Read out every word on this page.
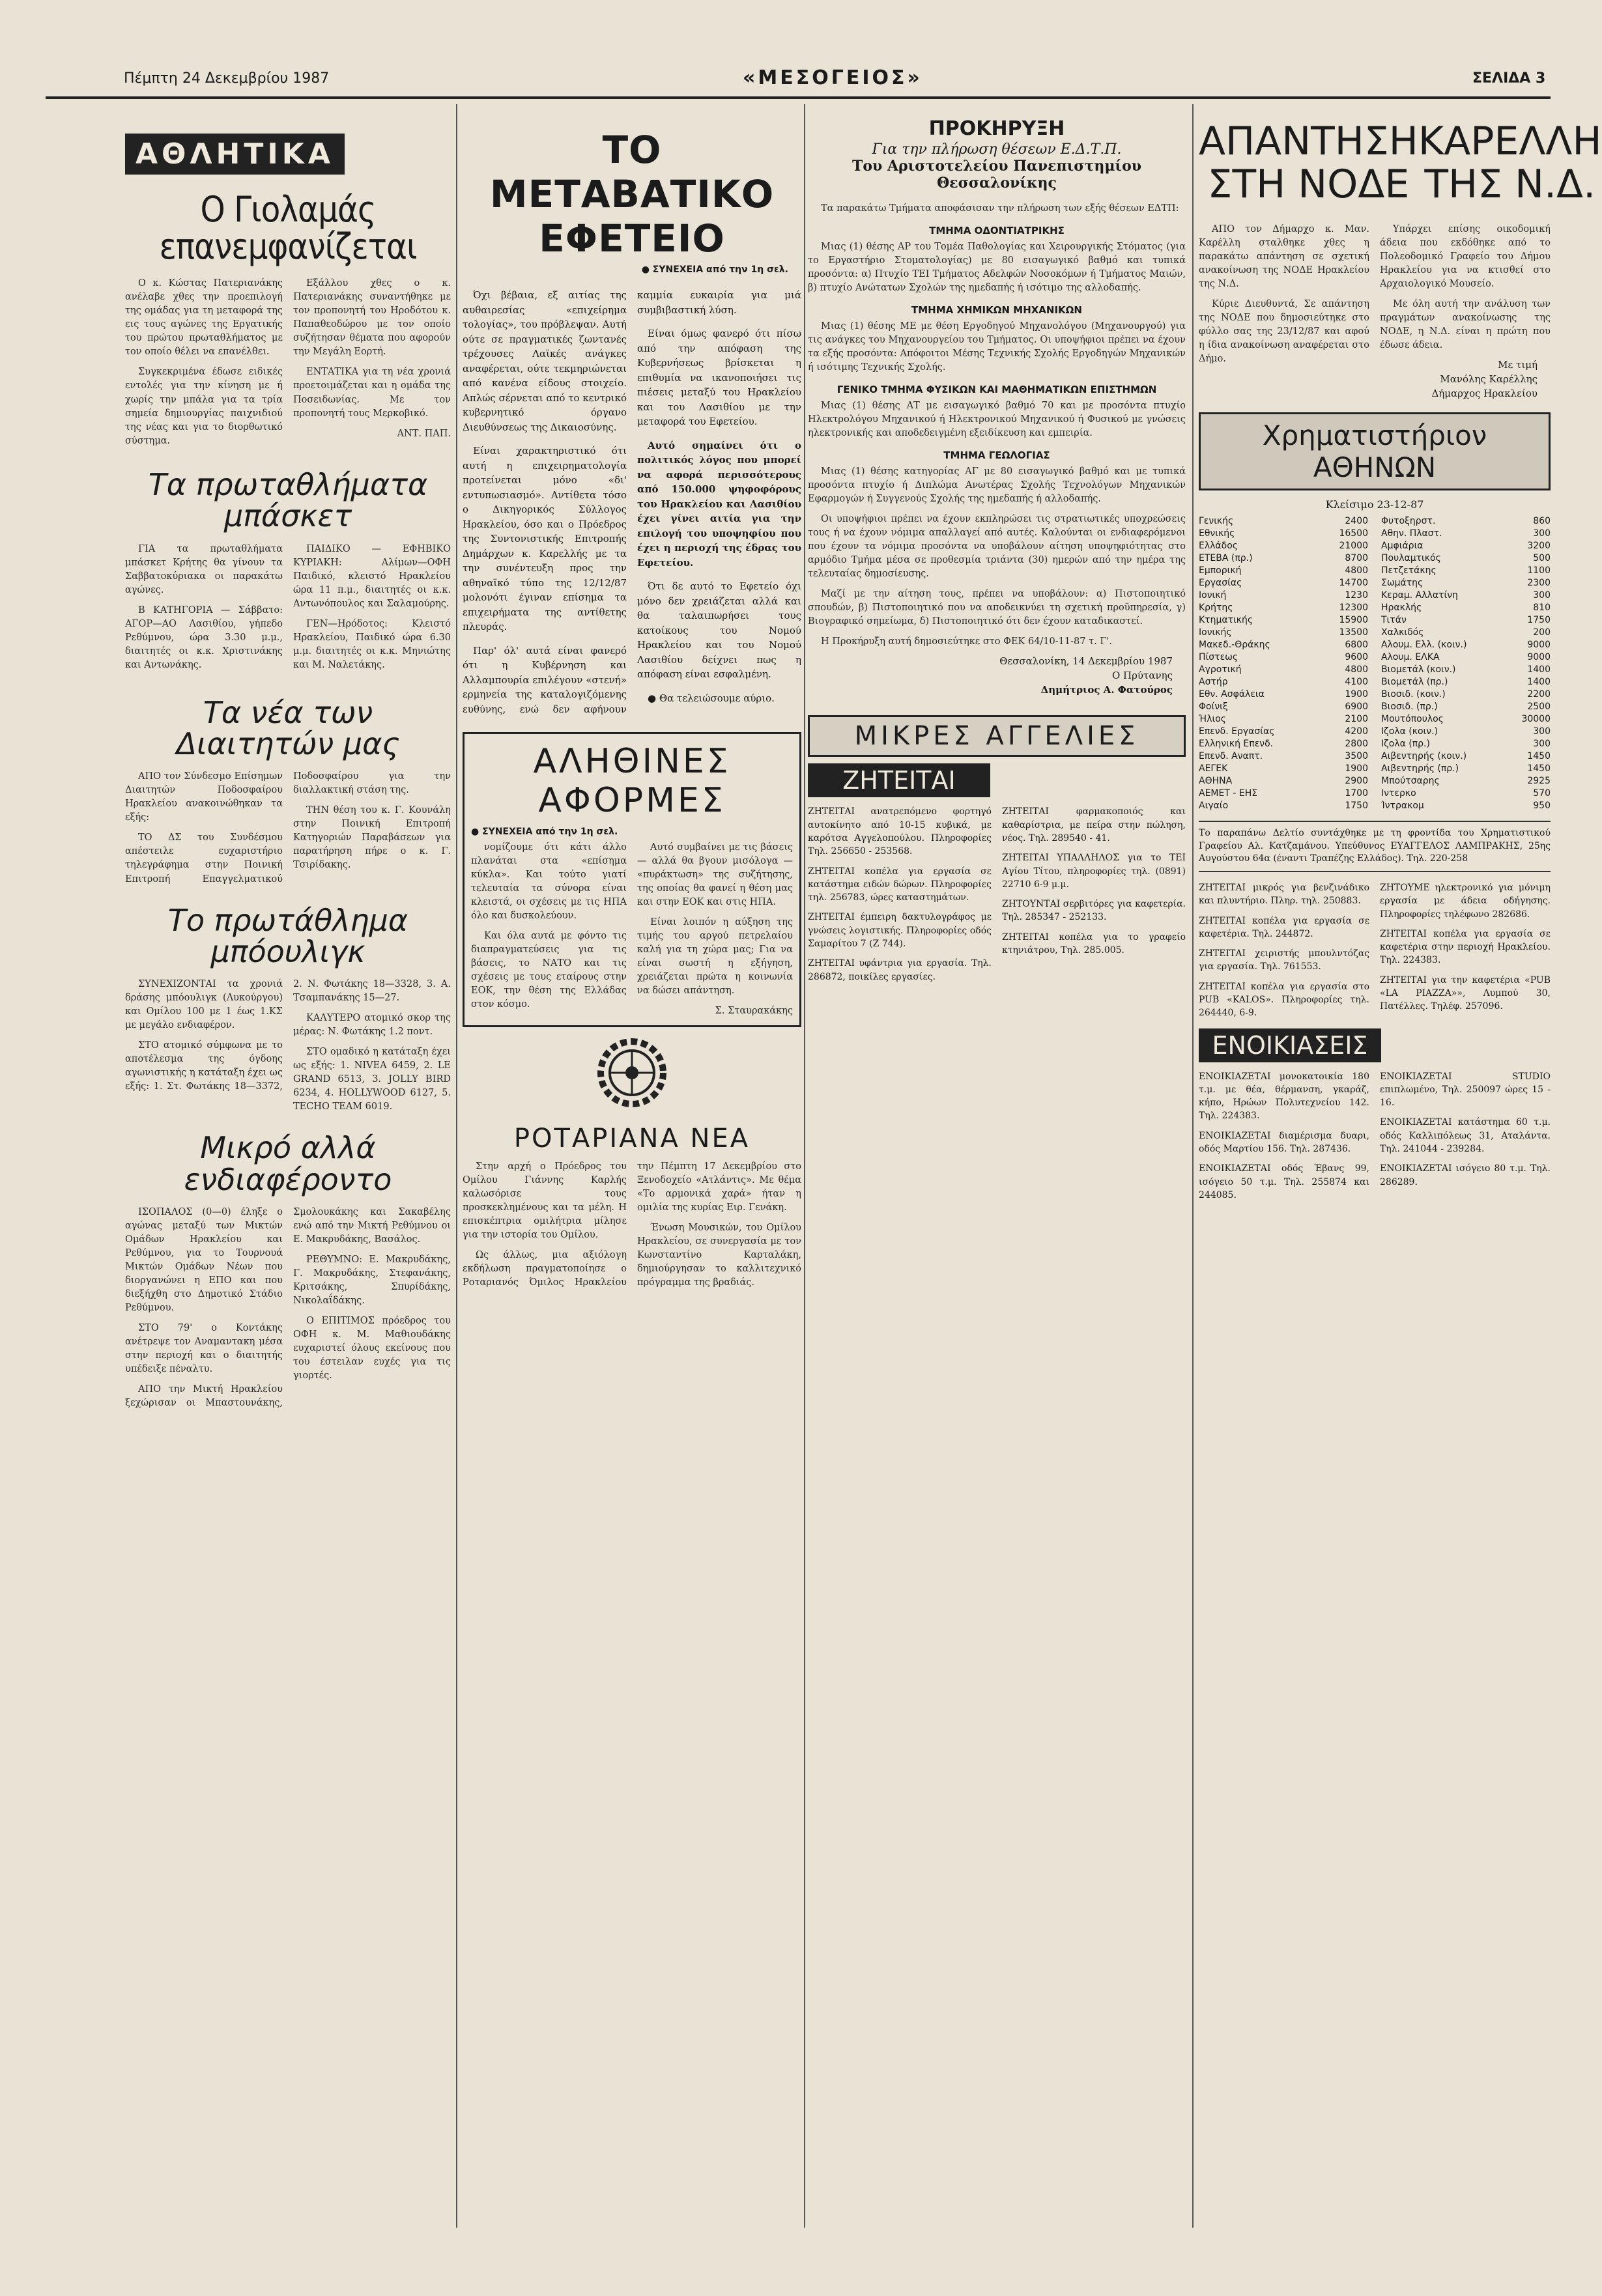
Πέμπτη 24 Δεκεμβρίου 1987	«ΜΕΣΟΓΕΙΟΣ»	ΣΕΛΙΔΑ 3
ΑΘΛΗΤΙΚΑ
Ο Γιολαμάς επανεμφανίζεται

Ο κ. Κώστας Πατεριανάκης ανέλαβε χθες την προεπιλογή της ομάδας για τη μεταφορά της εις τους αγώνες της Εργατικής του πρώτου πρωταθλήματος με τον οποίο θέλει να επανέλθει.

Συγκεκριμένα έδωσε ειδικές εντολές για την κίνηση με ή χωρίς την μπάλα για τα τρία σημεία δημιουργίας παιχνιδιού της νέας και για το διορθωτικό σύστημα.

Εξάλλου χθες ο κ. Πατεριανάκης συναντήθηκε με τον προπονητή του Ηροδότου κ. Παπαθεοδώρου με τον οποίο συζήτησαν θέματα που αφορούν την Μεγάλη Εορτή.

ΕΝΤΑΤΙΚΑ για τη νέα χρονιά προετοιμάζεται και η ομάδα της Ποσειδωνίας. Με τον προπονητή τους Μερκοβικό.

ΑΝΤ. ΠΑΠ.

Τα πρωταθλήματα μπάσκετ

ΓΙΑ τα πρωταθλήματα μπάσκετ Κρήτης θα γίνουν τα Σαββατοκύριακα οι παρακάτω αγώνες.

Β ΚΑΤΗΓΟΡΙΑ — Σάββατο: ΑΓΟΡ—ΑΟ Λασιθίου, γήπεδο Ρεθύμνου, ώρα 3.30 μ.μ., διαιτητές οι κ.κ. Χριστινάκης και Αντωνάκης.

ΠΑΙΔΙΚΟ — ΕΦΗΒΙΚΟ ΚΥΡΙΑΚΗ: Αλίμων—ΟΦΗ Παιδικό, κλειστό Ηρακλείου ώρα 11 π.μ., διαιτητές οι κ.κ. Αντωνόπουλος και Σαλαμούρης.

ΓΕΝ—Ηρόδοτος: Κλειστό Ηρακλείου, Παιδικό ώρα 6.30 μ.μ. διαιτητές οι κ.κ. Μηνιώτης και Μ. Ναλετάκης.

Τα νέα των Διαιτητών μας

ΑΠΟ τον Σύνδεσμο Επίσημων Διαιτητών Ποδοσφαίρου Ηρακλείου ανακοινώθηκαν τα εξής:

ΤΟ ΔΣ του Συνδέσμου απέστειλε ευχαριστήριο τηλεγράφημα στην Ποινική Επιτροπή Επαγγελματικού Ποδοσφαίρου για την διαλλακτική στάση της.

ΤΗΝ θέση του κ. Γ. Κουνάλη στην Ποινική Επιτροπή Κατηγοριών Παραβάσεων για παρατήρηση πήρε ο κ. Γ. Τσιρίδακης.

Το πρωτάθλημα μπόουλιγκ

ΣΥΝΕΧΙΖΟΝΤΑΙ τα χρονιά δράσης μπόουλιγκ (Λυκούργου) και Ομίλου 100 με 1 έως 1.ΚΣ με μεγάλο ενδιαφέρον.

ΣΤΟ ατομικό σύμφωνα με το αποτέλεσμα της όγδοης αγωνιστικής η κατάταξη έχει ως εξής: 1. Στ. Φωτάκης 18—3372, 2. Ν. Φωτάκης 18—3328, 3. Α. Τσαμπανάκης 15—27.

ΚΑΛΥΤΕΡΟ ατομικό σκορ της μέρας: Ν. Φωτάκης 1.2 ποντ.

ΣΤΟ ομαδικό η κατάταξη έχει ως εξής: 1. NIVEA 6459, 2. LE GRAND 6513, 3. JOLLY BIRD 6234, 4. HOLLYWOOD 6127, 5. TECHO TEAM 6019.

Μικρό αλλά ενδιαφέροντο

ΙΣΟΠΑΛΟΣ (0—0) έληξε ο αγώνας μεταξύ των Μικτών Ομάδων Ηρακλείου και Ρεθύμνου, για το Τουρνουά Μικτών Ομάδων Νέων που διοργανώνει η ΕΠΟ και που διεξήχθη στο Δημοτικό Στάδιο Ρεθύμνου.

ΣΤΟ 79' ο Κοντάκης ανέτρεψε τον Αναμαντακη μέσα στην περιοχή και ο διαιτητής υπέδειξε πέναλτυ.

ΑΠΟ την Μικτή Ηρακλείου ξεχώρισαν οι Μπαστουνάκης, Σμολουκάκης και Σακαβέλης ενώ από την Μικτή Ρεθύμνου οι Ε. Μακρυδάκης, Βασάλος.

ΡΕΘΥΜΝΟ: Ε. Μακρυδάκης, Γ. Μακρυδάκης, Στεφανάκης, Κριτσάκης, Σπυρίδάκης, Νικολαΐδάκης.

Ο ΕΠΙΤΙΜΟΣ πρόεδρος του ΟΦΗ κ. Μ. Μαθιουδάκης ευχαριστεί όλους εκείνους που του έστειλαν ευχές για τις γιορτές.

ΤΟ ΜΕΤΑΒΑΤΙΚΟ ΕΦΕΤΕΙΟ
● ΣΥΝΕΧΕΙΑ από την 1η σελ.

Όχι βέβαια, εξ αιτίας της αυθαιρεσίας «επιχείρημα τολογίας», του πρόβλεψαν. Αυτή ούτε σε πραγματικές ζωντανές τρέχουσες Λαϊκές ανάγκες αναφέρεται, ούτε τεκμηριώνεται από κανένα είδους στοιχείο. Απλώς σέρνεται από το κεντρικό κυβερνητικό όργανο Διευθύνσεως της Δικαιοσύνης.

Είναι χαρακτηριστικό ότι αυτή η επιχειρηματολογία προτείνεται μόνο «δι' εντυπωσιασμό». Αντίθετα τόσο ο Δικηγορικός Σύλλογος Ηρακλείου, όσο και ο Πρόεδρος της Συντονιστικής Επιτροπής Δημάρχων κ. Καρελλής με τα την συνέντευξη προς την αθηναϊκό τύπο της 12/12/87 μολονότι έγιναν επίσημα τα επιχειρήματα της αντίθετης πλευράς.

Παρ' όλ' αυτά είναι φανερό ότι η Κυβέρνηση και Αλλαμπουρία επιλέγουν «στενή» ερμηνεία της καταλογιζόμενης ευθύνης, ενώ δεν αφήνουν καμμία ευκαιρία για μιά συμβιβαστική λύση.

Είναι όμως φανερό ότι πίσω από την απόφαση της Κυβερνήσεως βρίσκεται η επιθυμία να ικανοποιήσει τις πιέσεις μεταξύ του Ηρακλείου και του Λασιθίου με την μεταφορά του Εφετείου.

Αυτό σημαίνει ότι ο πολιτικός λόγος που μπορεί να αφορά περισσότερους από 150.000 ψηφοφόρους του Ηρακλείου και Λασιθίου έχει γίνει αιτία για την επιλογή του υποψηφίου που έχει η περιοχή της έδρας του Εφετείου.

Ότι δε αυτό το Εφετείο όχι μόνο δεν χρειάζεται αλλά και θα ταλαιπωρήσει τους κατοίκους του Νομού Ηρακλείου και του Νομού Λασιθίου δείχνει πως η απόφαση είναι εσφαλμένη.

● Θα τελειώσουμε αύριο.

ΑΛΗΘΙΝΕΣ ΑΦΟΡΜΕΣ
● ΣΥΝΕΧΕΙΑ από την 1η σελ.

νομίζουμε ότι κάτι άλλο πλανάται στα «επίσημα κύκλα». Και τούτο γιατί τελευταία τα σύνορα είναι κλειστά, οι σχέσεις με τις ΗΠΑ όλο και δυσκολεύουν.

Και όλα αυτά με φόντο τις διαπραγματεύσεις για τις βάσεις, το ΝΑΤΟ και τις σχέσεις με τους εταίρους στην ΕΟΚ, την θέση της Ελλάδας στον κόσμο.

Αυτό συμβαίνει με τις βάσεις — αλλά θα βγουν μισόλογα — «πυράκτωση» της συζήτησης, της οποίας θα φανεί η θέση μας και στην ΕΟΚ και στις ΗΠΑ.

Είναι λοιπόν η αύξηση της τιμής του αργού πετρελαίου καλή για τη χώρα μας; Για να είναι σωστή η εξήγηση, χρειάζεται πρώτα η κοινωνία να δώσει απάντηση.

Σ. Σταυρακάκης

ΡΟΤΑΡΙΑΝΑ ΝΕΑ

Στην αρχή ο Πρόεδρος του Ομίλου Γιάννης Καρλής καλωσόρισε τους προσκεκλημένους και τα μέλη. Η επισκέπτρια ομιλήτρια μίλησε για την ιστορία του Ομίλου.

Ως άλλως, μια αξιόλογη εκδήλωση πραγματοποίησε ο Ροταριανός Όμιλος Ηρακλείου την Πέμπτη 17 Δεκεμβρίου στο Ξενοδοχείο «Ατλάντις». Με θέμα «Το αρμονικά χαρά» ήταν η ομιλία της κυρίας Ειρ. Γενάκη.

Ένωση Μουσικών, του Ομίλου Ηρακλείου, σε συνεργασία με τον Κωνσταντίνο Καρταλάκη, δημιούργησαν το καλλιτεχνικό πρόγραμμα της βραδιάς.

ΠΡΟΚΗΡΥΞΗ

Για την πλήρωση θέσεων Ε.Δ.Τ.Π.

Του Αριστοτελείου Πανεπιστημίου Θεσσαλονίκης

Τα παρακάτω Τμήματα αποφάσισαν την πλήρωση των εξής θέσεων ΕΔΤΠ:

ΤΜΗΜΑ ΟΔΟΝΤΙΑΤΡΙΚΗΣ

Μιας (1) θέσης ΑΡ του Τομέα Παθολογίας και Χειρουργικής Στόματος (για το Εργαστήριο Στοματολογίας) με 80 εισαγωγικό βαθμό και τυπικά προσόντα: α) Πτυχίο ΤΕΙ Τμήματος Αδελφών Νοσοκόμων ή Τμήματος Μαιών, β) πτυχίο Ανώτατων Σχολών της ημεδαπής ή ισότιμο της αλλοδαπής.

ΤΜΗΜΑ ΧΗΜΙΚΩΝ ΜΗΧΑΝΙΚΩΝ

Μιας (1) θέσης ΜΕ με θέση Εργοδηγού Μηχανολόγου (Μηχανουργού) για τις ανάγκες του Μηχανουργείου του Τμήματος. Οι υποψήφιοι πρέπει να έχουν τα εξής προσόντα: Απόφοιτοι Μέσης Τεχνικής Σχολής Εργοδηγών Μηχανικών ή ισότιμης Τεχνικής Σχολής.

ΓΕΝΙΚΟ ΤΜΗΜΑ ΦΥΣΙΚΩΝ ΚΑΙ ΜΑΘΗΜΑΤΙΚΩΝ ΕΠΙΣΤΗΜΩΝ

Μιας (1) θέσης ΑΤ με εισαγωγικό βαθμό 70 και με προσόντα πτυχίο Ηλεκτρολόγου Μηχανικού ή Ηλεκτρονικού Μηχανικού ή Φυσικού με γνώσεις ηλεκτρονικής και αποδεδειγμένη εξειδίκευση και εμπειρία.

ΤΜΗΜΑ ΓΕΩΛΟΓΙΑΣ

Μιας (1) θέσης κατηγορίας ΑΓ με 80 εισαγωγικό βαθμό και με τυπικά προσόντα πτυχίο ή Διπλώμα Ανωτέρας Σχολής Τεχνολόγων Μηχανικών Εφαρμογών ή Συγγενούς Σχολής της ημεδαπής ή αλλοδαπής.

Οι υποψήφιοι πρέπει να έχουν εκπληρώσει τις στρατιωτικές υποχρεώσεις τους ή να έχουν νόμιμα απαλλαγεί από αυτές. Καλούνται οι ενδιαφερόμενοι που έχουν τα νόμιμα προσόντα να υποβάλουν αίτηση υποψηφιότητας στο αρμόδιο Τμήμα μέσα σε προθεσμία τριάντα (30) ημερών από την ημέρα της τελευταίας δημοσίευσης.

Μαζί με την αίτηση τους, πρέπει να υποβάλουν: α) Πιστοποιητικό σπουδών, β) Πιστοποιητικό που να αποδεικνύει τη σχετική προϋπηρεσία, γ) Βιογραφικό σημείωμα, δ) Πιστοποιητικό ότι δεν έχουν καταδικαστεί.

Η Προκήρυξη αυτή δημοσιεύτηκε στο ΦΕΚ 64/10-11-87 τ. Γ'.

Θεσσαλονίκη, 14 Δεκεμβρίου 1987

Ο Πρύτανης

Δημήτριος Α. Φατούρος

ΜΙΚΡΕΣ ΑΓΓΕΛΙΕΣ
ΖΗΤΕΙΤΑΙ

ΖΗΤΕΙΤΑΙ ανατρεπόμενο φορτηγό αυτοκίνητο από 10-15 κυβικά, με καρότσα Αγγελοπούλου. Πληροφορίες Τηλ. 256650 - 253568.

ΖΗΤΕΙΤΑΙ κοπέλα για εργασία σε κατάστημα ειδών δώρων. Πληροφορίες τηλ. 256783, ώρες καταστημάτων.

ΖΗΤΕΙΤΑΙ έμπειρη δακτυλογράφος με γνώσεις λογιστικής. Πληροφορίες οδός Σαμαρίτου 7 (Ζ 744).

ΖΗΤΕΙΤΑΙ υφάντρια για εργασία. Τηλ. 286872, ποικίλες εργασίες.

ΖΗΤΕΙΤΑΙ φαρμακοποιός και καθαρίστρια, με πείρα στην πώληση, νέος. Τηλ. 289540 - 41.

ΖΗΤΕΙΤΑΙ ΥΠΑΛΛΗΛΟΣ για το ΤΕΙ Αγίου Τίτου, πληροφορίες τηλ. (0891) 22710 6-9 μ.μ.

ΖΗΤΟΥΝΤΑΙ σερβιτόρες για καφετερία. Τηλ. 285347 - 252133.

ΖΗΤΕΙΤΑΙ κοπέλα για το γραφείο κτηνιάτρου, Τηλ. 285.005.

ΑΠΑΝΤΗΣΗ
ΣΤΗ ΝΟΔΕ
ΚΑΡΕΛΛΗ
ΤΗΣ Ν.Δ.

ΑΠΟ τον Δήμαρχο κ. Μαν. Καρέλλη σταλθηκε χθες η παρακάτω απάντηση σε σχετική ανακοίνωση της ΝΟΔΕ Ηρακλείου της Ν.Δ.

Κύριε Διευθυντά, Σε απάντηση της ΝΟΔΕ που δημοσιεύτηκε στο φύλλο σας της 23/12/87 και αφού η ίδια ανακοίνωση αναφέρεται στο Δήμο.

Υπάρχει επίσης οικοδομική άδεια που εκδόθηκε από το Πολεοδομικό Γραφείο του Δήμου Ηρακλείου για να κτισθεί στο Αρχαιολογικό Μουσείο.

Με όλη αυτή την ανάλυση των πραγμάτων ανακοίνωσης της ΝΟΔΕ, η Ν.Δ. είναι η πρώτη που έδωσε άδεια.

Με τιμή

Μανόλης Καρέλλης

Δήμαρχος Ηρακλείου

Χρηματιστήριον ΑΘΗΝΩΝ
Κλείσιμο 23-12-87
Γενικής	2400
Εθνικής	16500
Ελλάδος	21000
ΕΤΕΒΑ (πρ.)	8700
Εμπορική	4800
Εργασίας	14700
Ιονική	1230
Κρήτης	12300
Κτηματικής	15900
Ιονικής	13500
Μακεδ.-Θράκης	6800
Πίστεως	9600
Αγροτική	4800
Αστήρ	4100
Εθν. Ασφάλεια	1900
Φοίνιξ	6900
Ήλιος	2100
Επενδ. Εργασίας	4200
Ελληνική Επενδ.	2800
Επενδ. Αναπτ.	3500
ΑΕΓΕΚ	1900
ΑΘΗΝΑ	2900
ΑΕΜΕΤ - ΕΗΣ	1700
Αιγαίο	1750
Φυτοξηρστ.	860
Αθην. Πλαστ.	300
Αμφιάρια	3200
Πουλαμτικός	500
Πετζετάκης	1100
Σωμάτης	2300
Κεραμ. Αλλατίνη	300
Ηρακλής	810
Τιτάν	1750
Χαλκιδός	200
Αλουμ. Ελλ. (κοιν.)	9000
Αλουμ. ΕΛΚΑ	9000
Βιομετάλ (κοιν.)	1400
Βιομετάλ (πρ.)	1400
Βιοσιδ. (κοιν.)	2200
Βιοσιδ. (πρ.)	2500
Μουτόπουλος	30000
Ιζολα (κοιν.)	300
Ιζολα (πρ.)	300
Αιβεντηρής (κοιν.)	1450
Αιβεντηρής (πρ.)	1450
Μπούτσαρης	2925
Ιντερκο	570
Ίντρακομ	950
Το παραπάνω Δελτίο συντάχθηκε με τη φροντίδα του Χρηματιστικού Γραφείου Αλ. Κατζαμάνου. Υπεύθυνος ΕΥΑΓΓΕΛΟΣ ΛΑΜΠΡΑΚΗΣ, 25ης Αυγούστου 64α (έναντι Τραπέζης Ελλάδος). Τηλ. 220-258

ΖΗΤΕΙΤΑΙ μικρός για βενζινάδικο και πλυντήριο. Πληρ. τηλ. 250883.

ΖΗΤΕΙΤΑΙ κοπέλα για εργασία σε καφετέρια. Τηλ. 244872.

ΖΗΤΕΙΤΑΙ χειριστής μπουλντόζας για εργασία. Τηλ. 761553.

ΖΗΤΕΙΤΑΙ κοπέλα για εργασία στο PUB «KALOS». Πληροφορίες τηλ. 264440, 6-9.

ΖΗΤΟΥΜΕ ηλεκτρονικό για μόνιμη εργασία με άδεια οδήγησης. Πληροφορίες τηλέφωνο 282686.

ΖΗΤΕΙΤΑΙ κοπέλα για εργασία σε καφετέρια στην περιοχή Ηρακλείου. Τηλ. 224383.

ΖΗΤΕΙΤΑΙ για την καφετέρια «PUB «LA PIAZZA»», Λυμπού 30, Πατέλλες. Τηλέφ. 257096.

ΕΝΟΙΚΙΑΣΕΙΣ

ΕΝΟΙΚΙΑΖΕΤΑΙ μονοκατοικία 180 τ.μ. με θέα, θέρμανση, γκαράζ, κήπο, Ηρώων Πολυτεχνείου 142. Τηλ. 224383.

ΕΝΟΙΚΙΑΖΕΤΑΙ διαμέρισμα δυαρι, οδός Μαρτίου 156. Τηλ. 287436.

ΕΝΟΙΚΙΑΖΕΤΑΙ οδός Έβανς 99, ισόγειο 50 τ.μ. Τηλ. 255874 και 244085.

ΕΝΟΙΚΙΑΖΕΤΑΙ STUDIO επιπλωμένο, Τηλ. 250097 ώρες 15 - 16.

ΕΝΟΙΚΙΑΖΕΤΑΙ κατάστημα 60 τ.μ. οδός Καλλιπόλεως 31, Αταλάντα. Τηλ. 241044 - 239284.

ΕΝΟΙΚΙΑΖΕΤΑΙ ισόγειο 80 τ.μ. Τηλ. 286289.
